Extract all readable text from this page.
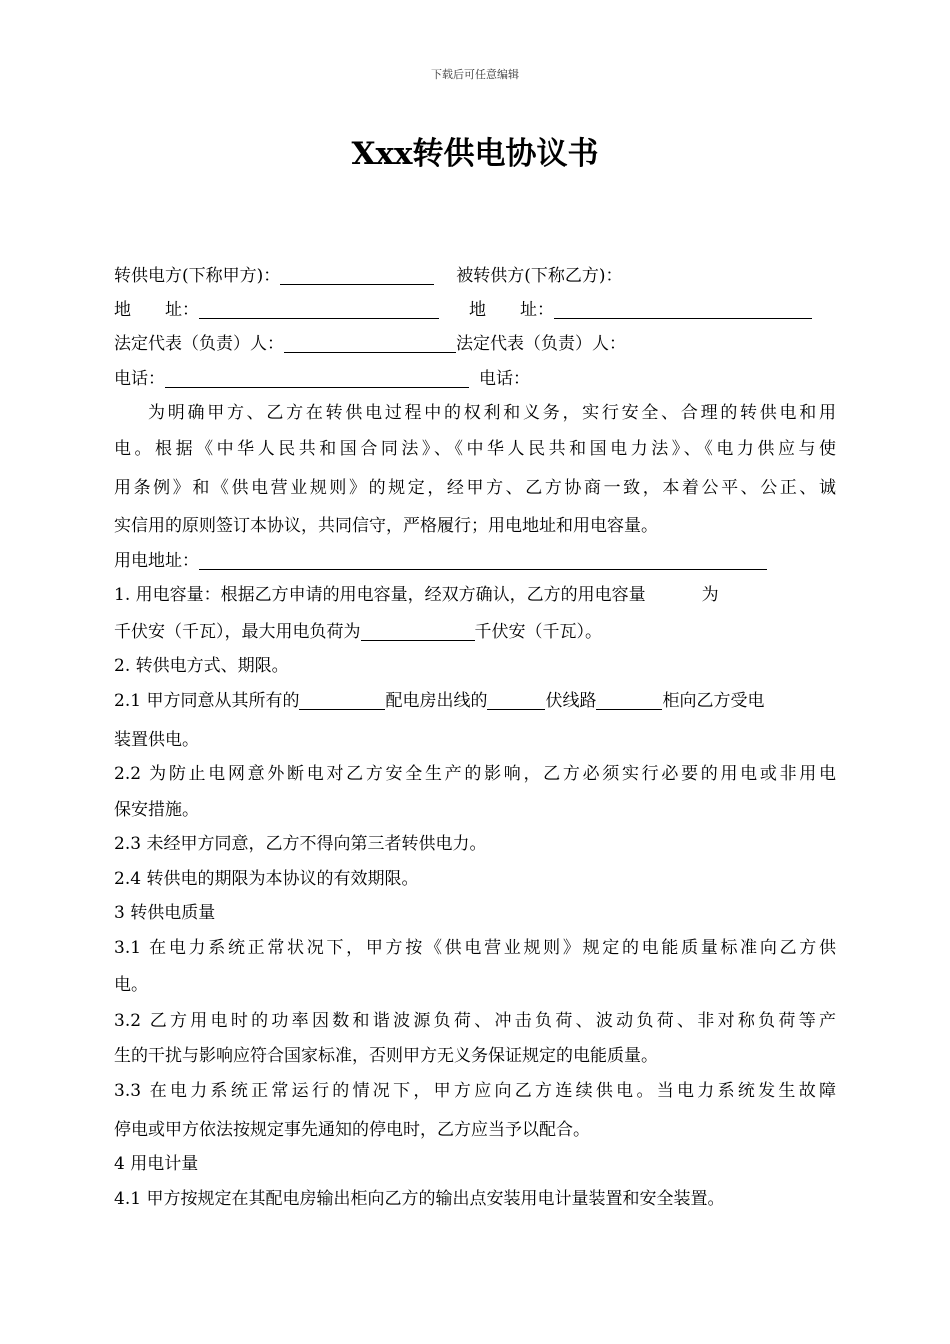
下载后可任意编辑
Xxx转供电协议书
转供电方(下称甲方)：	被转供方(下称乙方)：
地　　址：	地　　址：
法定代表（负责）人：	法定代表（负责）人：
电话：	电话：
为明确甲方、乙方在转供电过程中的权利和义务，实行安全、合理的转供电和用
电。根据《中华人民共和国合同法》、《中华人民共和国电力法》、《电力供应与使
用条例》和《供电营业规则》的规定，经甲方、乙方协商一致，本着公平、公正、诚
实信用的原则签订本协议，共同信守，严格履行；用电地址和用电容量。
用电地址：
1. 用电容量：根据乙方申请的用电容量，经双方确认，乙方的用电容量	为
千伏安（千瓦），最大用电负荷为	千伏安（千瓦）。
2. 转供电方式、期限。
2.1 甲方同意从其所有的	配电房出线的	伏线路	柜向乙方受电
装置供电。
2.2 为防止电网意外断电对乙方安全生产的影响，乙方必须实行必要的用电或非用电
保安措施。
2.3 未经甲方同意，乙方不得向第三者转供电力。
2.4 转供电的期限为本协议的有效期限。
3 转供电质量
3.1 在电力系统正常状况下，甲方按《供电营业规则》规定的电能质量标准向乙方供
电。
3.2 乙方用电时的功率因数和谐波源负荷、冲击负荷、波动负荷、非对称负荷等产
生的干扰与影响应符合国家标准，否则甲方无义务保证规定的电能质量。
3.3 在电力系统正常运行的情况下，甲方应向乙方连续供电。当电力系统发生故障
停电或甲方依法按规定事先通知的停电时，乙方应当予以配合。
4 用电计量
4.1 甲方按规定在其配电房输出柜向乙方的输出点安装用电计量装置和安全装置。
